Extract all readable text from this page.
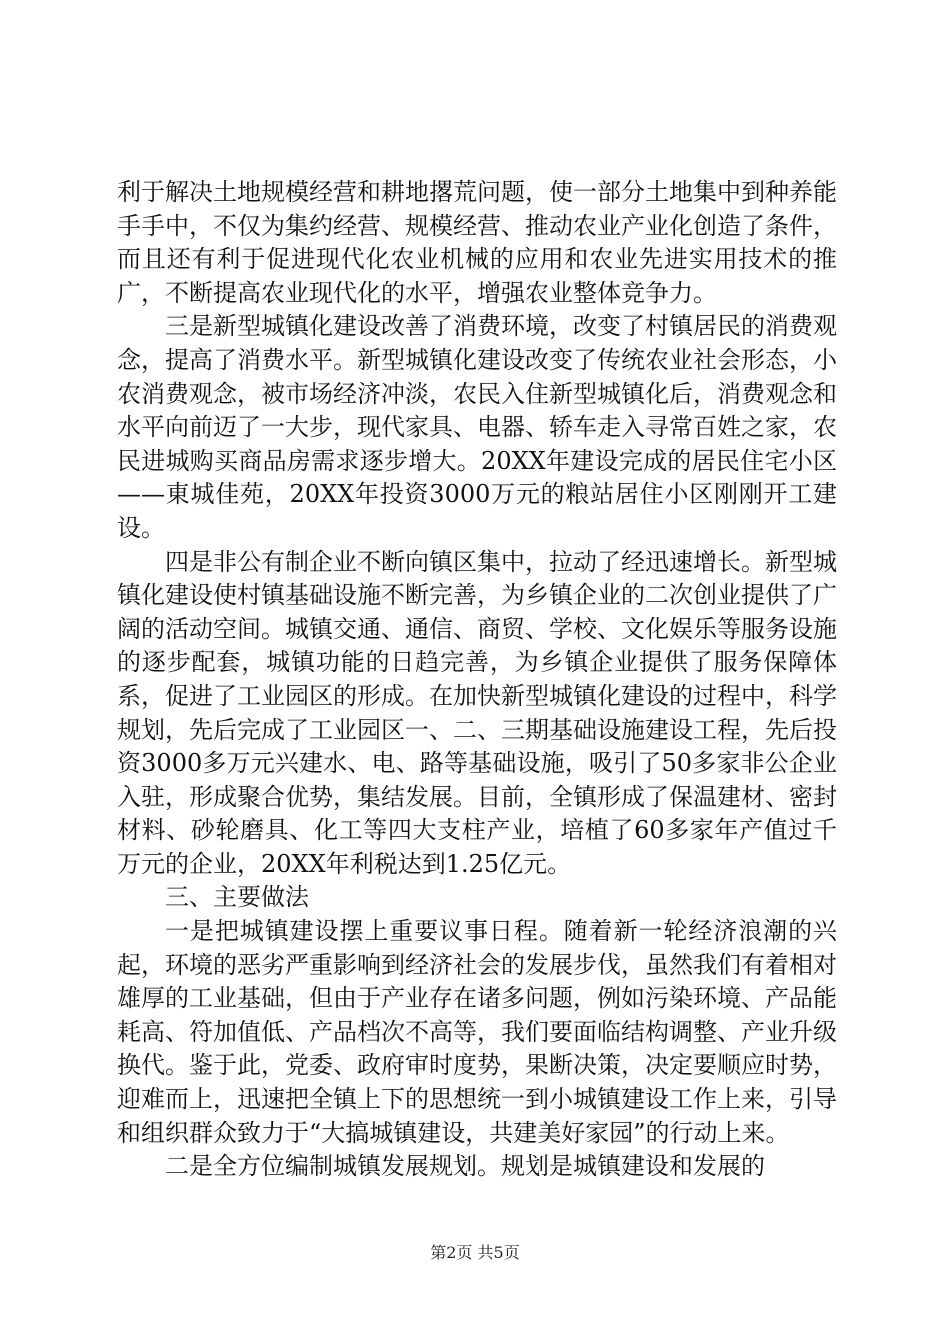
利于解决土地规模经营和耕地撂荒问题，使一部分土地集中到种养能手手中，不仅为集约经营、规模经营、推动农业产业化创造了条件，而且还有利于促进现代化农业机械的应用和农业先进实用技术的推广，不断提高农业现代化的水平，增强农业整体竞争力。

三是新型城镇化建设改善了消费环境，改变了村镇居民的消费观念，提高了消费水平。新型城镇化建设改变了传统农业社会形态，小农消费观念，被市场经济冲淡，农民入住新型城镇化后，消费观念和水平向前迈了一大步，现代家具、电器、轿车走入寻常百姓之家，农民进城购买商品房需求逐步增大。20XX年建设完成的居民住宅小区——東城佳苑，20XX年投资3000万元的粮站居住小区刚刚开工建设。

四是非公有制企业不断向镇区集中，拉动了经迅速增长。新型城镇化建设使村镇基础设施不断完善，为乡镇企业的二次创业提供了广阔的活动空间。城镇交通、通信、商贸、学校、文化娱乐等服务设施的逐步配套，城镇功能的日趋完善，为乡镇企业提供了服务保障体系，促进了工业园区的形成。在加快新型城镇化建设的过程中，科学规划，先后完成了工业园区一、二、三期基础设施建设工程，先后投资3000多万元兴建水、电、路等基础设施，吸引了50多家非公企业入驻，形成聚合优势，集结发展。目前，全镇形成了保温建材、密封材料、砂轮磨具、化工等四大支柱产业，培植了60多家年产值过千万元的企业，20XX年利税达到1.25亿元。

三、主要做法

一是把城镇建设摆上重要议事日程。随着新一轮经济浪潮的兴起，环境的恶劣严重影响到经济社会的发展步伐，虽然我们有着相对雄厚的工业基础，但由于产业存在诸多问题，例如污染环境、产品能耗高、符加值低、产品档次不高等，我们要面临结构调整、产业升级换代。鉴于此，党委、政府审时度势，果断决策，决定要顺应时势，迎难而上，迅速把全镇上下的思想统一到小城镇建设工作上来，引导和组织群众致力于“大搞城镇建设，共建美好家园”的行动上来。

二是全方位编制城镇发展规划。规划是城镇建设和发展的

第2页 共5页
